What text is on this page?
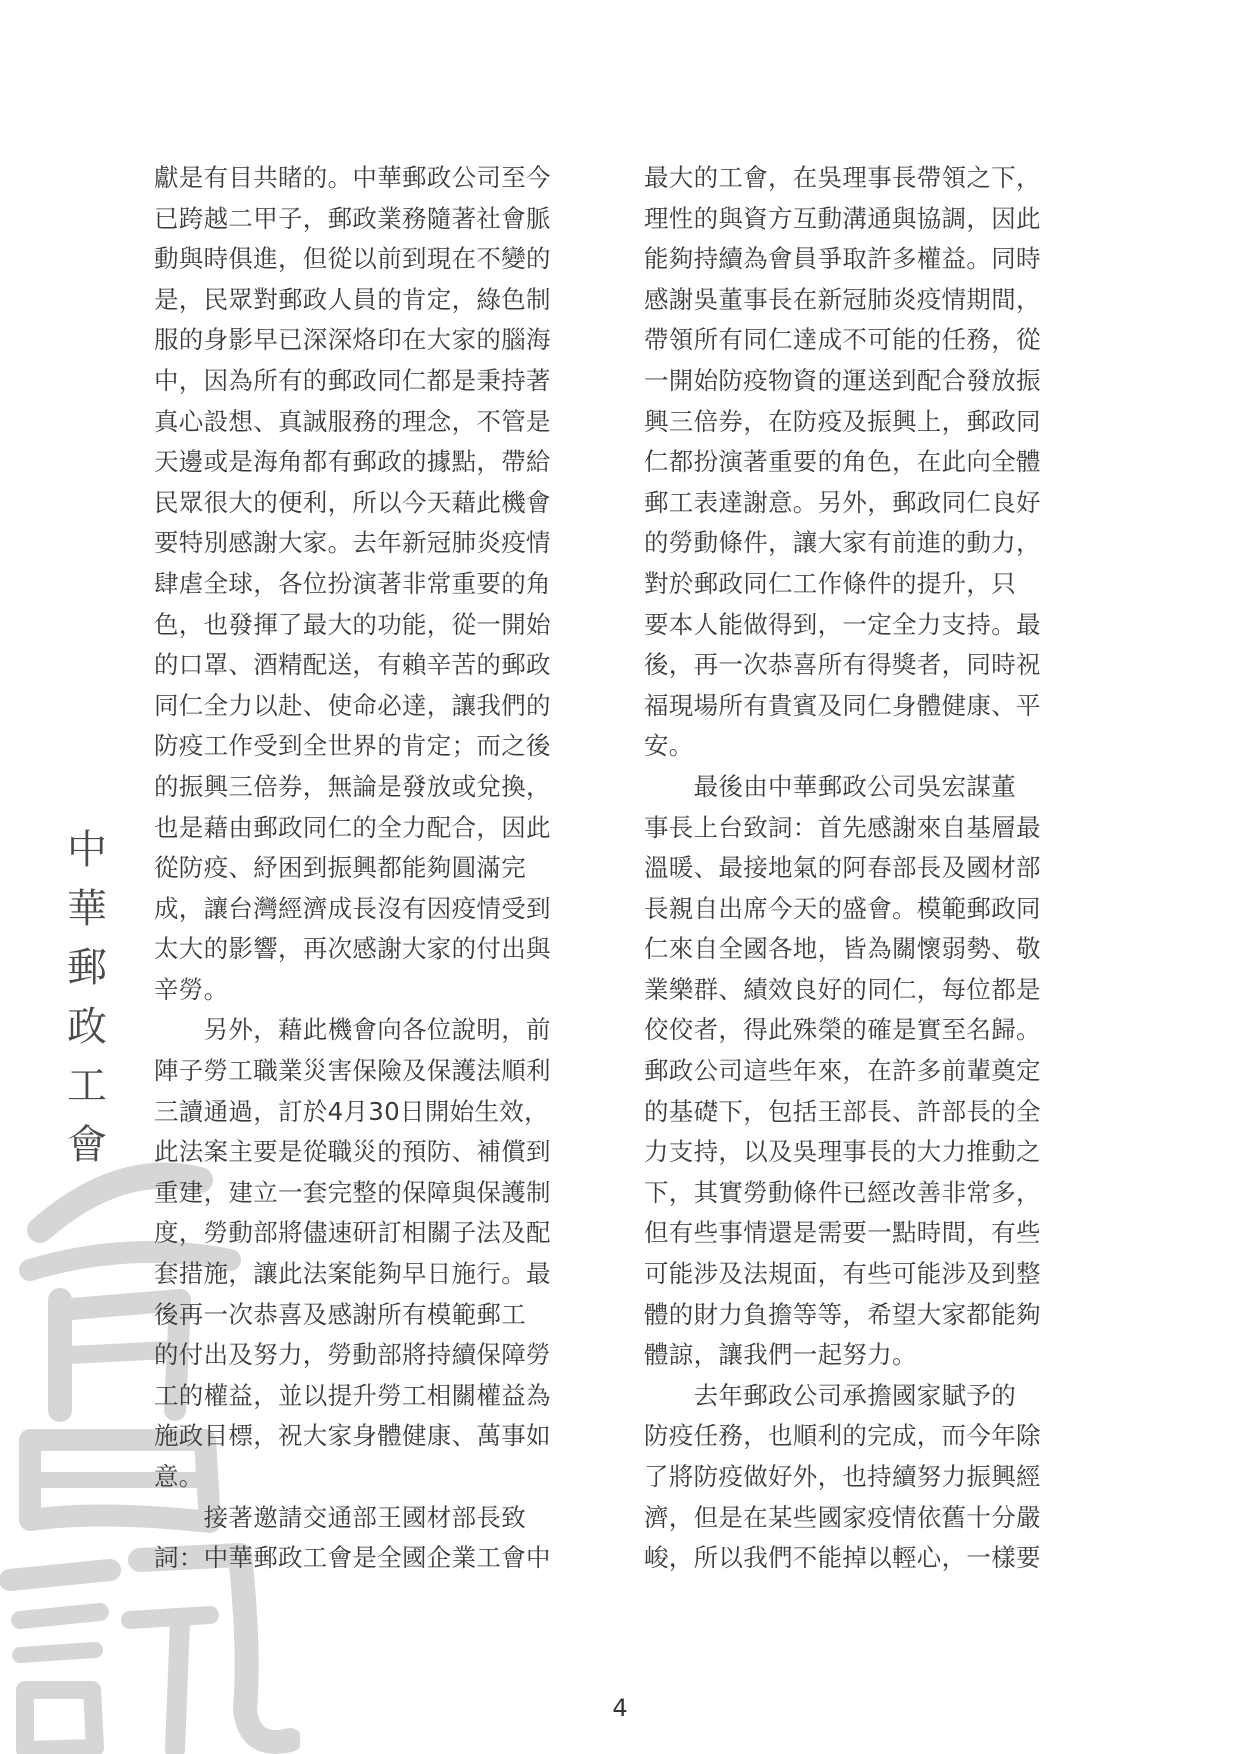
中
華
郵
政
工
會
獻是有目共睹的。中華郵政公司至今
已跨越二甲子，郵政業務隨著社會脈
動與時俱進，但從以前到現在不變的
是，民眾對郵政人員的肯定，綠色制
服的身影早已深深烙印在大家的腦海
中，因為所有的郵政同仁都是秉持著
真心設想、真誠服務的理念，不管是
天邊或是海角都有郵政的據點，帶給
民眾很大的便利，所以今天藉此機會
要特別感謝大家。去年新冠肺炎疫情
肆虐全球，各位扮演著非常重要的角
色，也發揮了最大的功能，從一開始
的口罩、酒精配送，有賴辛苦的郵政
同仁全力以赴、使命必達，讓我們的
防疫工作受到全世界的肯定；而之後
的振興三倍券，無論是發放或兌換，
也是藉由郵政同仁的全力配合，因此
從防疫、紓困到振興都能夠圓滿完
成，讓台灣經濟成長沒有因疫情受到
太大的影響，再次感謝大家的付出與
辛勞。
　　另外，藉此機會向各位說明，前
陣子勞工職業災害保險及保護法順利
三讀通過，訂於4月30日開始生效，
此法案主要是從職災的預防、補償到
重建，建立一套完整的保障與保護制
度，勞動部將儘速研訂相關子法及配
套措施，讓此法案能夠早日施行。最
後再一次恭喜及感謝所有模範郵工
的付出及努力，勞動部將持續保障勞
工的權益，並以提升勞工相關權益為
施政目標，祝大家身體健康、萬事如
意。
　　接著邀請交通部王國材部長致
詞：中華郵政工會是全國企業工會中
最大的工會，在吳理事長帶領之下，
理性的與資方互動溝通與協調，因此
能夠持續為會員爭取許多權益。同時
感謝吳董事長在新冠肺炎疫情期間，
帶領所有同仁達成不可能的任務，從
一開始防疫物資的運送到配合發放振
興三倍券，在防疫及振興上，郵政同
仁都扮演著重要的角色，在此向全體
郵工表達謝意。另外，郵政同仁良好
的勞動條件，讓大家有前進的動力，
對於郵政同仁工作條件的提升，只
要本人能做得到，一定全力支持。最
後，再一次恭喜所有得獎者，同時祝
福現場所有貴賓及同仁身體健康、平
安。
　　最後由中華郵政公司吳宏謀董
事長上台致詞：首先感謝來自基層最
溫暖、最接地氣的阿春部長及國材部
長親自出席今天的盛會。模範郵政同
仁來自全國各地，皆為關懷弱勢、敬
業樂群、績效良好的同仁，每位都是
佼佼者，得此殊榮的確是實至名歸。
郵政公司這些年來，在許多前輩奠定
的基礎下，包括王部長、許部長的全
力支持，以及吳理事長的大力推動之
下，其實勞動條件已經改善非常多，
但有些事情還是需要一點時間，有些
可能涉及法規面，有些可能涉及到整
體的財力負擔等等，希望大家都能夠
體諒，讓我們一起努力。
　　去年郵政公司承擔國家賦予的
防疫任務，也順利的完成，而今年除
了將防疫做好外，也持續努力振興經
濟，但是在某些國家疫情依舊十分嚴
峻，所以我們不能掉以輕心，一樣要
4
